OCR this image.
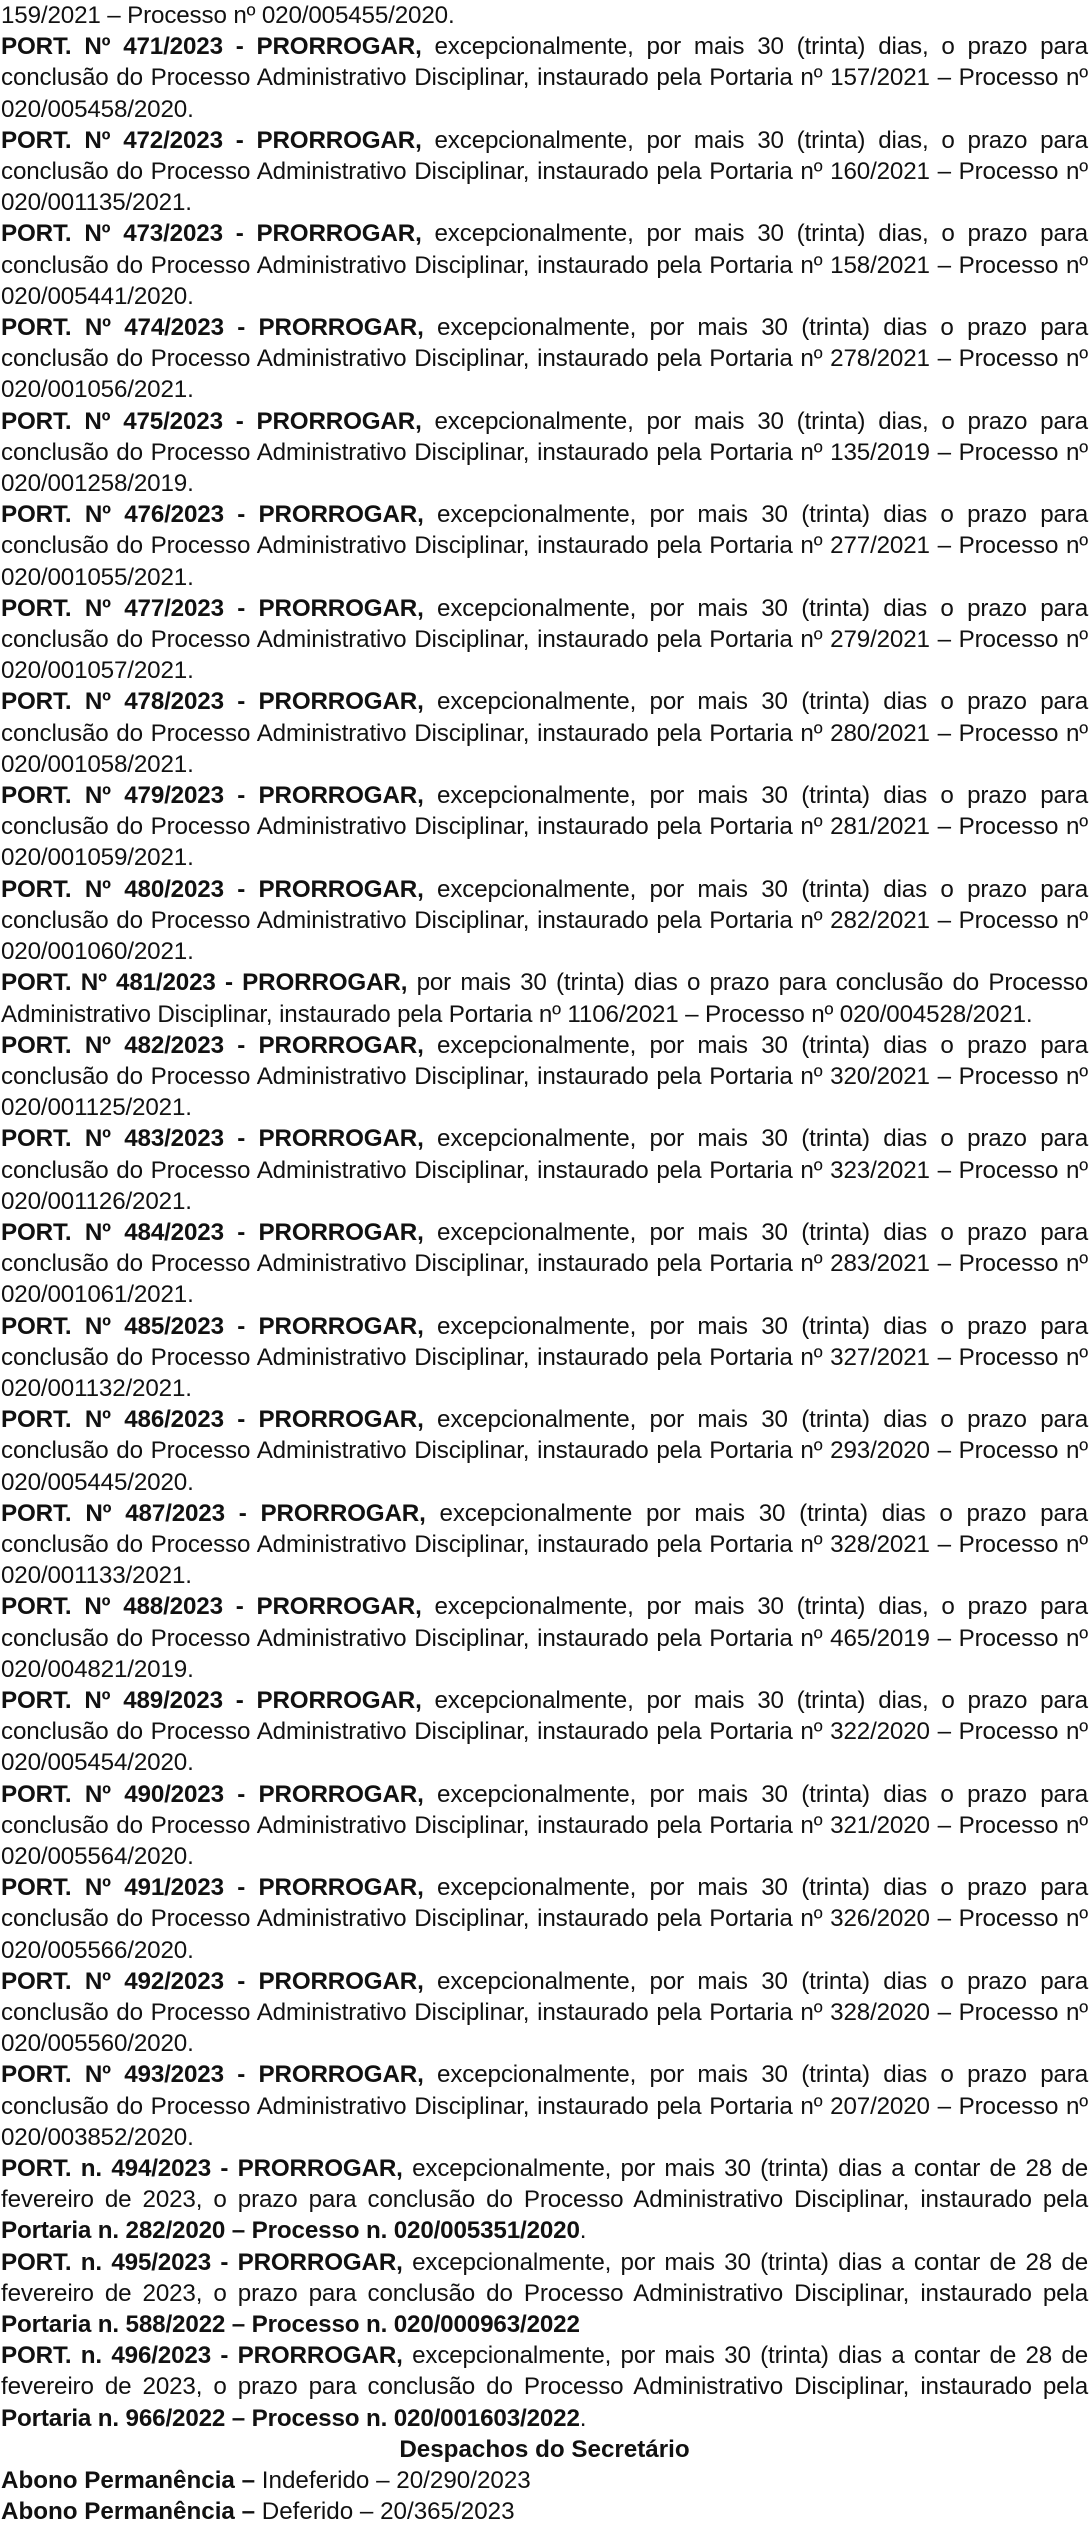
159/2021 – Processo nº 020/005455/2020.

PORT. Nº 471/2023 - PRORROGAR, excepcionalmente, por mais 30 (trinta) dias, o prazo para conclusão do Processo Administrativo Disciplinar, instaurado pela Portaria nº 157/2021 – Processo nº 020/005458/2020.

PORT. Nº 472/2023 - PRORROGAR, excepcionalmente, por mais 30 (trinta) dias, o prazo para conclusão do Processo Administrativo Disciplinar, instaurado pela Portaria nº 160/2021 – Processo nº 020/001135/2021.

PORT. Nº 473/2023 - PRORROGAR, excepcionalmente, por mais 30 (trinta) dias, o prazo para conclusão do Processo Administrativo Disciplinar, instaurado pela Portaria nº 158/2021 – Processo nº 020/005441/2020.

PORT. Nº 474/2023 - PRORROGAR, excepcionalmente, por mais 30 (trinta) dias o prazo para conclusão do Processo Administrativo Disciplinar, instaurado pela Portaria nº 278/2021 – Processo nº 020/001056/2021.

PORT. Nº 475/2023 - PRORROGAR, excepcionalmente, por mais 30 (trinta) dias, o prazo para conclusão do Processo Administrativo Disciplinar, instaurado pela Portaria nº 135/2019 – Processo nº 020/001258/2019.

PORT. Nº 476/2023 - PRORROGAR, excepcionalmente, por mais 30 (trinta) dias o prazo para conclusão do Processo Administrativo Disciplinar, instaurado pela Portaria nº 277/2021 – Processo nº 020/001055/2021.

PORT. Nº 477/2023 - PRORROGAR, excepcionalmente, por mais 30 (trinta) dias o prazo para conclusão do Processo Administrativo Disciplinar, instaurado pela Portaria nº 279/2021 – Processo nº 020/001057/2021.

PORT. Nº 478/2023 - PRORROGAR, excepcionalmente, por mais 30 (trinta) dias o prazo para conclusão do Processo Administrativo Disciplinar, instaurado pela Portaria nº 280/2021 – Processo nº 020/001058/2021.

PORT. Nº 479/2023 - PRORROGAR, excepcionalmente, por mais 30 (trinta) dias o prazo para conclusão do Processo Administrativo Disciplinar, instaurado pela Portaria nº 281/2021 – Processo nº 020/001059/2021.

PORT. Nº 480/2023 - PRORROGAR, excepcionalmente, por mais 30 (trinta) dias o prazo para conclusão do Processo Administrativo Disciplinar, instaurado pela Portaria nº 282/2021 – Processo nº 020/001060/2021.

PORT. Nº 481/2023 - PRORROGAR, por mais 30 (trinta) dias o prazo para conclusão do Processo Administrativo Disciplinar, instaurado pela Portaria nº 1106/2021 – Processo nº 020/004528/2021.

PORT. Nº 482/2023 - PRORROGAR, excepcionalmente, por mais 30 (trinta) dias o prazo para conclusão do Processo Administrativo Disciplinar, instaurado pela Portaria nº 320/2021 – Processo nº 020/001125/2021.

PORT. Nº 483/2023 - PRORROGAR, excepcionalmente, por mais 30 (trinta) dias o prazo para conclusão do Processo Administrativo Disciplinar, instaurado pela Portaria nº 323/2021 – Processo nº 020/001126/2021.

PORT. Nº 484/2023 - PRORROGAR, excepcionalmente, por mais 30 (trinta) dias o prazo para conclusão do Processo Administrativo Disciplinar, instaurado pela Portaria nº 283/2021 – Processo nº 020/001061/2021.

PORT. Nº 485/2023 - PRORROGAR, excepcionalmente, por mais 30 (trinta) dias o prazo para conclusão do Processo Administrativo Disciplinar, instaurado pela Portaria nº 327/2021 – Processo nº 020/001132/2021.

PORT. Nº 486/2023 - PRORROGAR, excepcionalmente, por mais 30 (trinta) dias o prazo para conclusão do Processo Administrativo Disciplinar, instaurado pela Portaria nº 293/2020 – Processo nº 020/005445/2020.

PORT. Nº 487/2023 - PRORROGAR, excepcionalmente por mais 30 (trinta) dias o prazo para conclusão do Processo Administrativo Disciplinar, instaurado pela Portaria nº 328/2021 – Processo nº 020/001133/2021.

PORT. Nº 488/2023 - PRORROGAR, excepcionalmente, por mais 30 (trinta) dias, o prazo para conclusão do Processo Administrativo Disciplinar, instaurado pela Portaria nº 465/2019 – Processo nº 020/004821/2019.

PORT. Nº 489/2023 - PRORROGAR, excepcionalmente, por mais 30 (trinta) dias, o prazo para conclusão do Processo Administrativo Disciplinar, instaurado pela Portaria nº 322/2020 – Processo nº 020/005454/2020.

PORT. Nº 490/2023 - PRORROGAR, excepcionalmente, por mais 30 (trinta) dias o prazo para conclusão do Processo Administrativo Disciplinar, instaurado pela Portaria nº 321/2020 – Processo nº 020/005564/2020.

PORT. Nº 491/2023 - PRORROGAR, excepcionalmente, por mais 30 (trinta) dias o prazo para conclusão do Processo Administrativo Disciplinar, instaurado pela Portaria nº 326/2020 – Processo nº 020/005566/2020.

PORT. Nº 492/2023 - PRORROGAR, excepcionalmente, por mais 30 (trinta) dias o prazo para conclusão do Processo Administrativo Disciplinar, instaurado pela Portaria nº 328/2020 – Processo nº 020/005560/2020.

PORT. Nº 493/2023 - PRORROGAR, excepcionalmente, por mais 30 (trinta) dias o prazo para conclusão do Processo Administrativo Disciplinar, instaurado pela Portaria nº 207/2020 – Processo nº 020/003852/2020.

PORT. n. 494/2023 - PRORROGAR, excepcionalmente, por mais 30 (trinta) dias a contar de 28 de fevereiro de 2023, o prazo para conclusão do Processo Administrativo Disciplinar, instaurado pela Portaria n. 282/2020 – Processo n. 020/005351/2020.

PORT. n. 495/2023 - PRORROGAR, excepcionalmente, por mais 30 (trinta) dias a contar de 28 de fevereiro de 2023, o prazo para conclusão do Processo Administrativo Disciplinar, instaurado pela Portaria n. 588/2022 – Processo n. 020/000963/2022

PORT. n. 496/2023 - PRORROGAR, excepcionalmente, por mais 30 (trinta) dias a contar de 28 de fevereiro de 2023, o prazo para conclusão do Processo Administrativo Disciplinar, instaurado pela Portaria n. 966/2022 – Processo n. 020/001603/2022.

Despachos do Secretário

Abono Permanência – Indeferido – 20/290/2023

Abono Permanência – Deferido – 20/365/2023
